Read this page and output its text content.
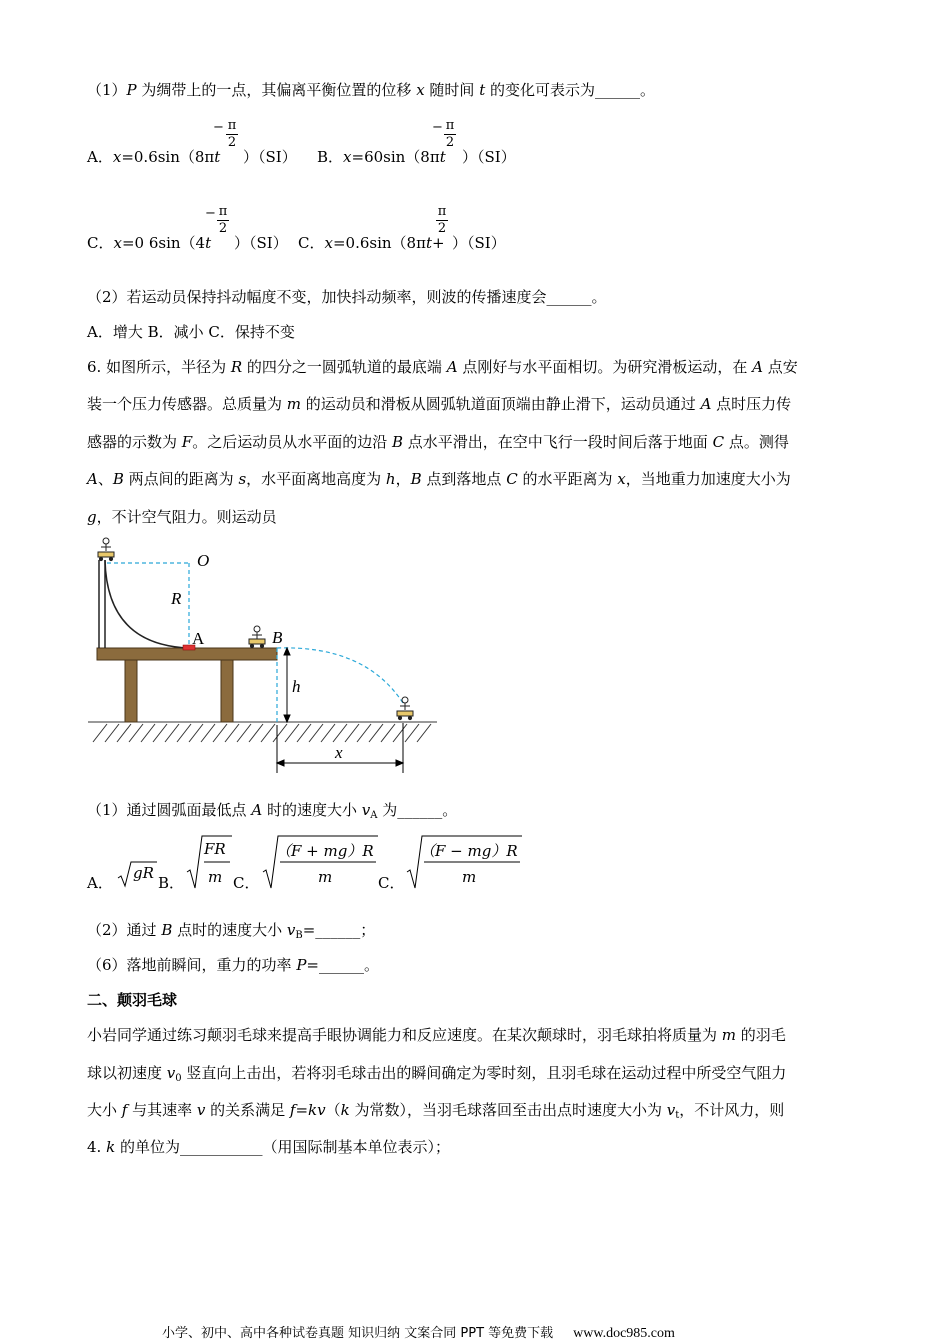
（1）P 为绸带上的一点，其偏离平衡位置的位移 x 随时间 t 的变化可表示为______。
A．x=0.6sin（8πt
− $\frac{\pi}{2}$
）（SI） B．x=60sin（8πt
− $\frac{\pi}{2}$
）（SI）
C．x=0 6sin（4t
− $\frac{\pi}{2}$
）（SI） C．x=0.6sin（8πt+
$\frac{\pi}{2}$
）（SI）
（2）若运动员保持抖动幅度不变，加快抖动频率，则波的传播速度会______。
A．增大 B．减小 C．保持不变
6. 如图所示，半径为 R 的四分之一圆弧轨道的最底端 A 点刚好与水平面相切。为研究滑板运动，在 A 点安
装一个压力传感器。总质量为 m 的运动员和滑板从圆弧轨道面顶端由静止滑下，运动员通过 A 点时压力传
感器的示数为 F。之后运动员从水平面的边沿 B 点水平滑出，在空中飞行一段时间后落于地面 C 点。测得
A、B 两点间的距离为 s，水平面离地高度为 h，B 点到落地点 C 的水平距离为 x，当地重力加速度大小为
g，不计空气阻力。则运动员
O
R
A	B
h
x
（1）通过圆弧面最低点 A 时的速度大小 $v_A$ 为______。
A．
gR
B．
FR
m C．
（F + mg）R
m	C．
（F − mg）R
m
（2）通过 B 点时的速度大小 $v_B=\_\_\_\_\_\_$；
（6）落地前瞬间，重力的功率 P=______。
二、颠羽毛球
小岩同学通过练习颠羽毛球来提高手眼协调能力和反应速度。在某次颠球时，羽毛球拍将质量为 m 的羽毛
球以初速度 $v_0$ 竖直向上击出，若将羽毛球击出的瞬间确定为零时刻，且羽毛球在运动过程中所受空气阻力
大小 f 与其速率 v 的关系满足 f=kv（k 为常数），当羽毛球落回至击出点时速度大小为 $v_t$，不计风力，则
4. k 的单位为___________（用国际制基本单位表示）；
小学、初中、高中各种试卷真题 知识归纳 文案合同 PPT 等免费下载 www.doc985.com
